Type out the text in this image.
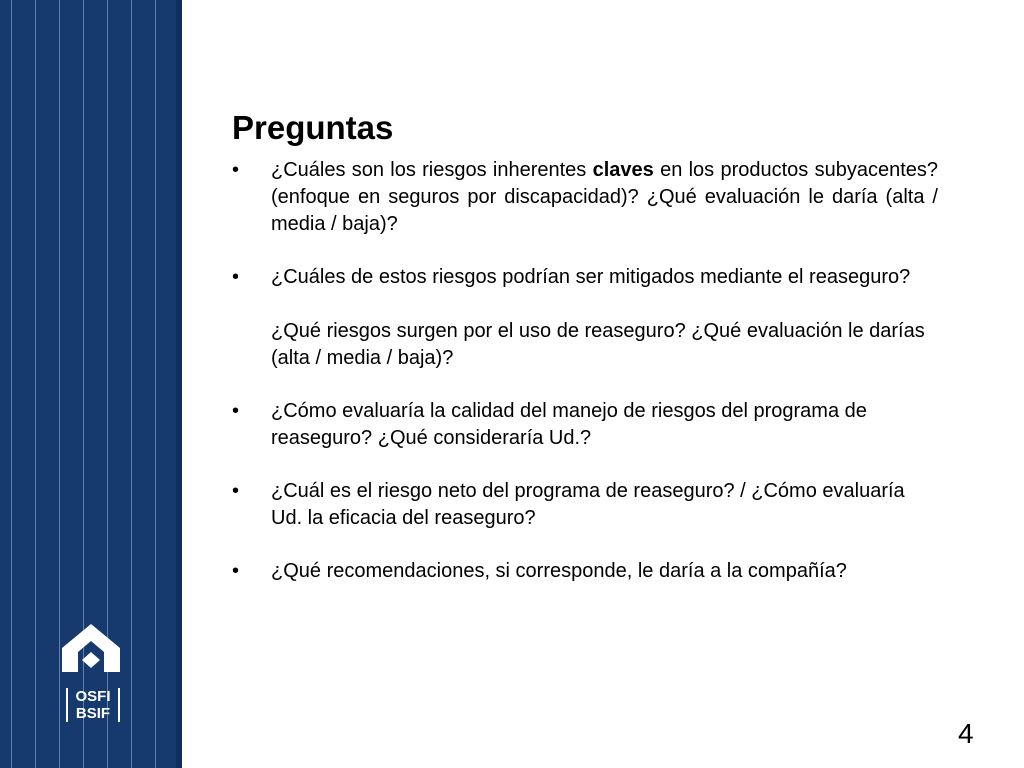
OSFI
BSIF
Preguntas
• ¿Cuáles son los riesgos inherentes claves en los productos subyacentes? (enfoque en seguros por discapacidad)? ¿Qué evaluación le daría (alta / media / baja)?
• ¿Cuáles de estos riesgos podrían ser mitigados mediante el reaseguro?
¿Qué riesgos surgen por el uso de reaseguro? ¿Qué evaluación le darías (alta / media / baja)?
• ¿Cómo evaluaría la calidad del manejo de riesgos del programa de reaseguro? ¿Qué consideraría Ud.?
• ¿Cuál es el riesgo neto del programa de reaseguro? / ¿Cómo evaluaría Ud. la eficacia del reaseguro?
• ¿Qué recomendaciones, si corresponde, le daría a la compañía?
4
